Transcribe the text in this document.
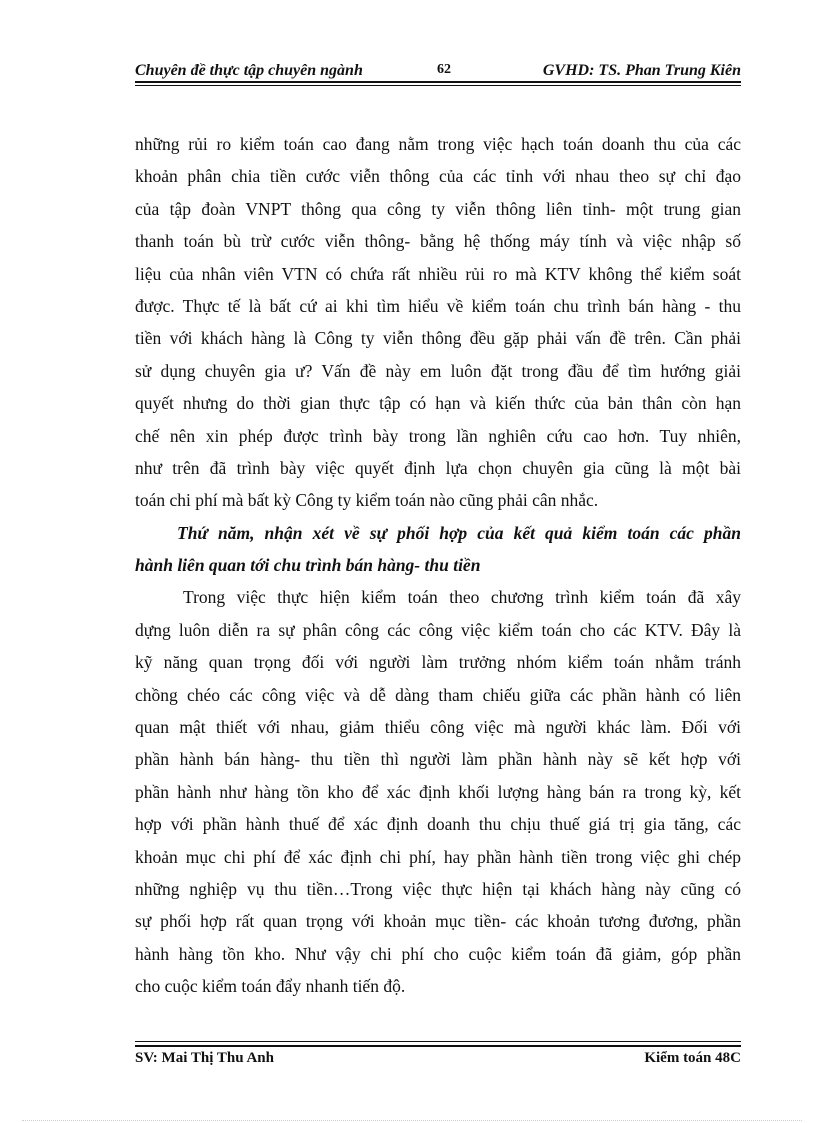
Chuyên đề thực tập chuyên ngành	62	GVHD: TS. Phan Trung Kiên
những rủi ro kiểm toán cao đang nằm trong việc hạch toán doanh thu của các
khoản phân chia tiền cước viễn thông của các tỉnh với nhau theo sự chỉ đạo
của tập đoàn VNPT thông qua công ty viễn thông liên tỉnh- một trung gian
thanh toán bù trừ cước viễn thông- bằng hệ thống máy tính và việc nhập số
liệu của nhân viên VTN có chứa rất nhiều rủi ro mà KTV không thể kiểm soát
được. Thực tế là bất cứ ai khi tìm hiểu về kiểm toán chu trình bán hàng - thu
tiền với khách hàng là Công ty viễn thông đều gặp phải vấn đề trên. Cần phải
sử dụng chuyên gia ư? Vấn đề này em luôn đặt trong đầu để tìm hướng giải
quyết nhưng do thời gian thực tập có hạn và kiến thức của bản thân còn hạn
chế nên xin phép được trình bày trong lần nghiên cứu cao hơn. Tuy nhiên,
như trên đã trình bày việc quyết định lựa chọn chuyên gia cũng là một bài
toán chi phí mà bất kỳ Công ty kiểm toán nào cũng phải cân nhắc.
Thứ năm, nhận xét về sự phối hợp của kết quả kiểm toán các phần
hành liên quan tới chu trình bán hàng- thu tiền
Trong việc thực hiện kiểm toán theo chương trình kiểm toán đã xây
dựng luôn diễn ra sự phân công các công việc kiểm toán cho các KTV. Đây là
kỹ năng quan trọng đối với người làm trưởng nhóm kiểm toán nhằm tránh
chồng chéo các công việc và dễ dàng tham chiếu giữa các phần hành có liên
quan mật thiết với nhau, giảm thiểu công việc mà người khác làm. Đối với
phần hành bán hàng- thu tiền thì người làm phần hành này sẽ kết hợp với
phần hành như hàng tồn kho để xác định khối lượng hàng bán ra trong kỳ, kết
hợp với phần hành thuế để xác định doanh thu chịu thuế giá trị gia tăng, các
khoản mục chi phí để xác định chi phí, hay phần hành tiền trong việc ghi chép
những nghiệp vụ thu tiền…Trong việc thực hiện tại khách hàng này cũng có
sự phối hợp rất quan trọng với khoản mục tiền- các khoản tương đương, phần
hành hàng tồn kho. Như vậy chi phí cho cuộc kiểm toán đã giảm, góp phần
cho cuộc kiểm toán đẩy nhanh tiến độ.
SV: Mai Thị Thu Anh	Kiểm toán 48C
